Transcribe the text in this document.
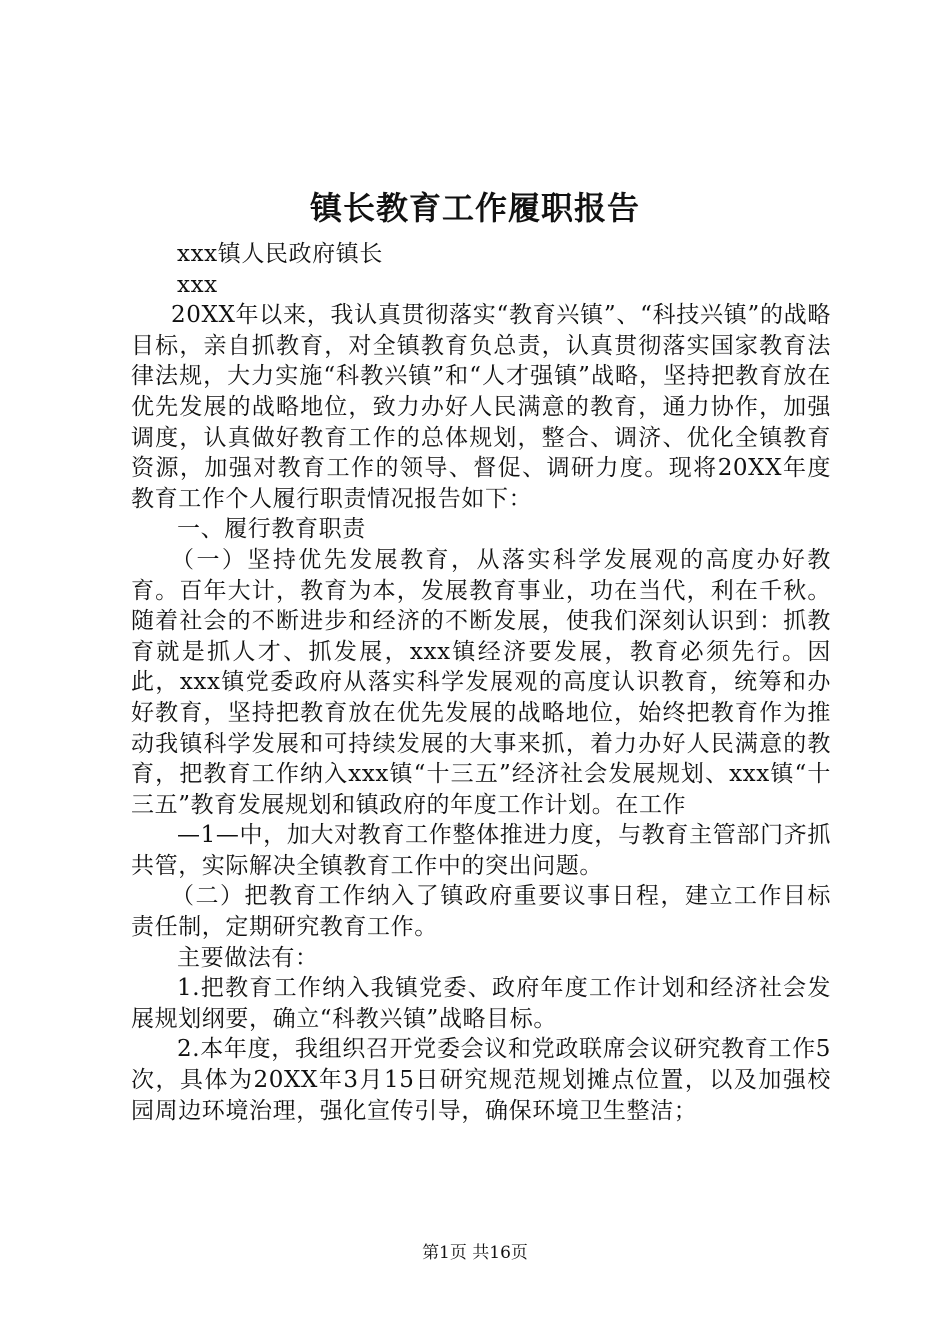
镇长教育工作履职报告

xxx镇人民政府镇长

xxx

20XX年以来，我认真贯彻落实“教育兴镇”、“科技兴镇”的战略目标，亲自抓教育，对全镇教育负总责，认真贯彻落实国家教育法律法规，大力实施“科教兴镇”和“人才强镇”战略，坚持把教育放在优先发展的战略地位，致力办好人民满意的教育，通力协作，加强调度，认真做好教育工作的总体规划，整合、调济、优化全镇教育资源，加强对教育工作的领导、督促、调研力度。现将20XX年度教育工作个人履行职责情况报告如下：

一、履行教育职责

（一）坚持优先发展教育，从落实科学发展观的高度办好教育。百年大计，教育为本，发展教育事业，功在当代，利在千秋。随着社会的不断进步和经济的不断发展，使我们深刻认识到：抓教育就是抓人才、抓发展，xxx镇经济要发展，教育必须先行。因此，xxx镇党委政府从落实科学发展观的高度认识教育，统筹和办好教育，坚持把教育放在优先发展的战略地位，始终把教育作为推动我镇科学发展和可持续发展的大事来抓，着力办好人民满意的教育，把教育工作纳入xxx镇“十三五”经济社会发展规划、xxx镇“十三五”教育发展规划和镇政府的年度工作计划。在工作

—1—中，加大对教育工作整体推进力度，与教育主管部门齐抓共管，实际解决全镇教育工作中的突出问题。

（二）把教育工作纳入了镇政府重要议事日程，建立工作目标责任制，定期研究教育工作。

主要做法有：

1.把教育工作纳入我镇党委、政府年度工作计划和经济社会发展规划纲要，确立“科教兴镇”战略目标。

2.本年度，我组织召开党委会议和党政联席会议研究教育工作5次，具体为20XX年3月15日研究规范规划摊点位置，以及加强校园周边环境治理，强化宣传引导，确保环境卫生整洁；

第1页 共16页
